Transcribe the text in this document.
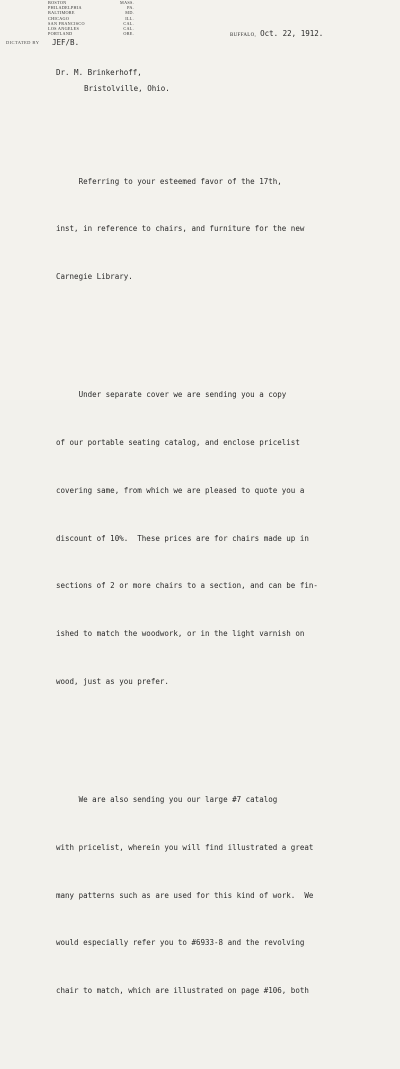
BOSTON	MASS.
PHILADELPHIA	PA.
BALTIMORE	MD.
CHICAGO	ILL.
SAN FRANCISCO	CAL.
LOS ANGELES	CAL.
PORTLAND	ORE.
DICTATED BY JEF/B.
BUFFALO, Oct. 22, 1912.
Dr. M. Brinkerhoff,
Bristolville, Ohio.

Referring to your esteemed favor of the 17th,

inst, in reference to chairs, and furniture for the new

Carnegie Library.

Under separate cover we are sending you a copy

of our portable seating catalog, and enclose pricelist

covering same, from which we are pleased to quote you a

discount of 10%.  These prices are for chairs made up in

sections of 2 or more chairs to a section, and can be fin-

ished to match the woodwork, or in the light varnish on

wood, just as you prefer.

We are also sending you our large #7 catalog

with pricelist, wherein you will find illustrated a great

many patterns such as are used for this kind of work.  We

would especially refer you to #6933-8 and the revolving

chair to match, which are illustrated on page #106, both
